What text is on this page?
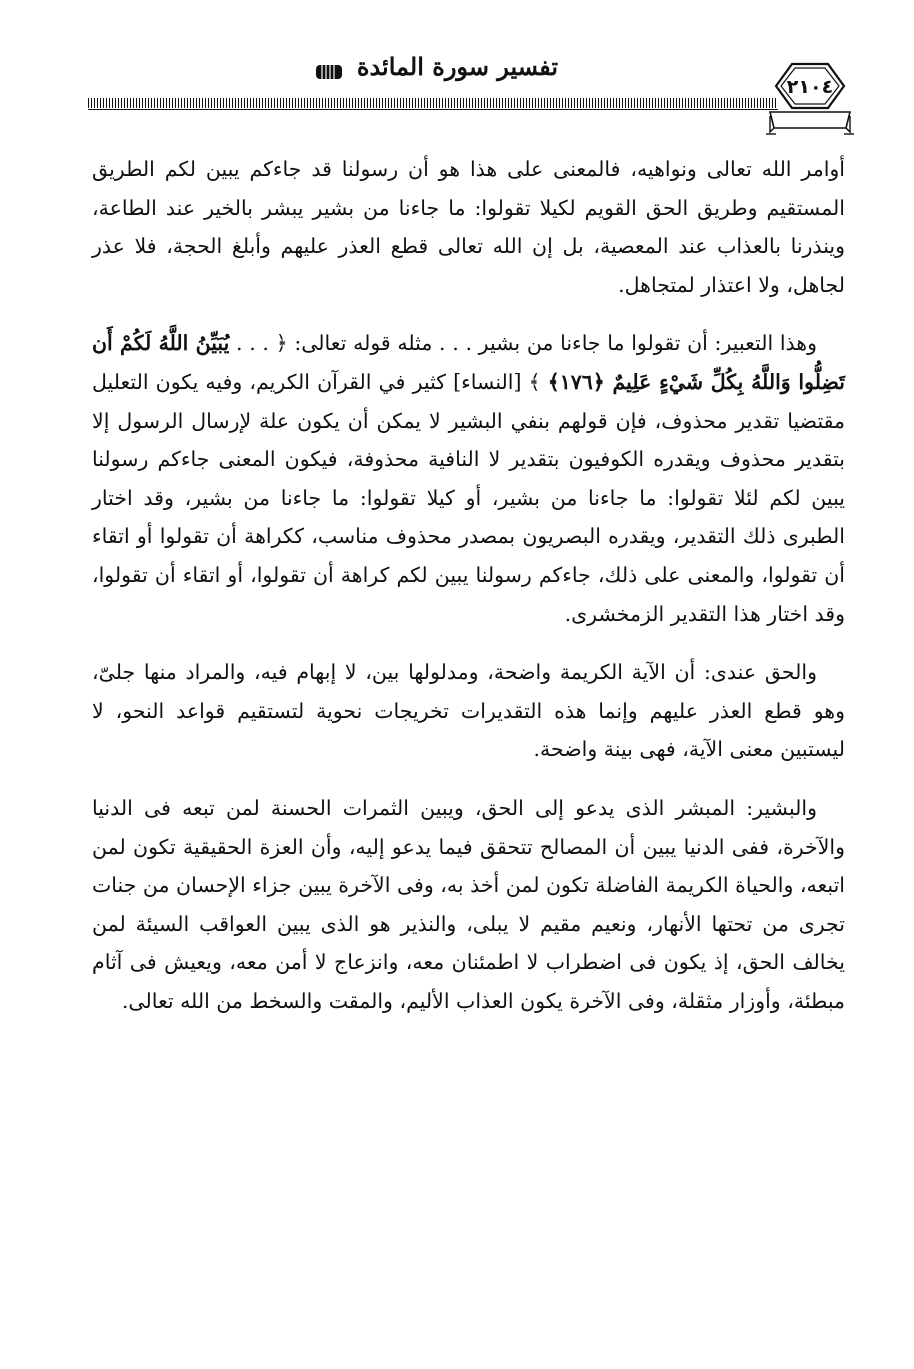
تفسير سورة المائدة
٢١٠٤

أوامر الله تعالى ونواهيه، فالمعنى على هذا هو أن رسولنا قد جاءكم يبين لكم الطريق المستقيم وطريق الحق القويم لكيلا تقولوا: ما جاءنا من بشير يبشر بالخير عند الطاعة، وينذرنا بالعذاب عند المعصية، بل إن الله تعالى قطع العذر عليهم وأبلغ الحجة، فلا عذر لجاهل، ولا اعتذار لمتجاهل.

وهذا التعبير: أن تقولوا ما جاءنا من بشير . . . مثله قوله تعالى: ﴿ . . . يُبَيِّنُ اللَّهُ لَكُمْ أَن تَضِلُّوا وَاللَّهُ بِكُلِّ شَيْءٍ عَلِيمٌ ﴿١٧٦﴾ ﴾ [النساء] كثير في القرآن الكريم، وفيه يكون التعليل مقتضيا تقدير محذوف، فإن قولهم بنفي البشير لا يمكن أن يكون علة لإرسال الرسول إلا بتقدير محذوف ويقدره الكوفيون بتقدير لا النافية محذوفة، فيكون المعنى جاءكم رسولنا يبين لكم لئلا تقولوا: ما جاءنا من بشير، أو كيلا تقولوا: ما جاءنا من بشير، وقد اختار الطبرى ذلك التقدير، ويقدره البصريون بمصدر محذوف مناسب، ككراهة أن تقولوا أو اتقاء أن تقولوا، والمعنى على ذلك، جاءكم رسولنا يبين لكم كراهة أن تقولوا، أو اتقاء أن تقولوا، وقد اختار هذا التقدير الزمخشرى.

والحق عندى: أن الآية الكريمة واضحة، ومدلولها بين، لا إبهام فيه، والمراد منها جلىّ، وهو قطع العذر عليهم وإنما هذه التقديرات تخريجات نحوية لتستقيم قواعد النحو، لا ليستبين معنى الآية، فهى بينة واضحة.

والبشير: المبشر الذى يدعو إلى الحق، ويبين الثمرات الحسنة لمن تبعه فى الدنيا والآخرة، ففى الدنيا يبين أن المصالح تتحقق فيما يدعو إليه، وأن العزة الحقيقية تكون لمن اتبعه، والحياة الكريمة الفاضلة تكون لمن أخذ به، وفى الآخرة يبين جزاء الإحسان من جنات تجرى من تحتها الأنهار، ونعيم مقيم لا يبلى، والنذير هو الذى يبين العواقب السيئة لمن يخالف الحق، إذ يكون فى اضطراب لا اطمئنان معه، وانزعاج لا أمن معه، ويعيش فى آثام مبطئة، وأوزار مثقلة، وفى الآخرة يكون العذاب الأليم، والمقت والسخط من الله تعالى.
